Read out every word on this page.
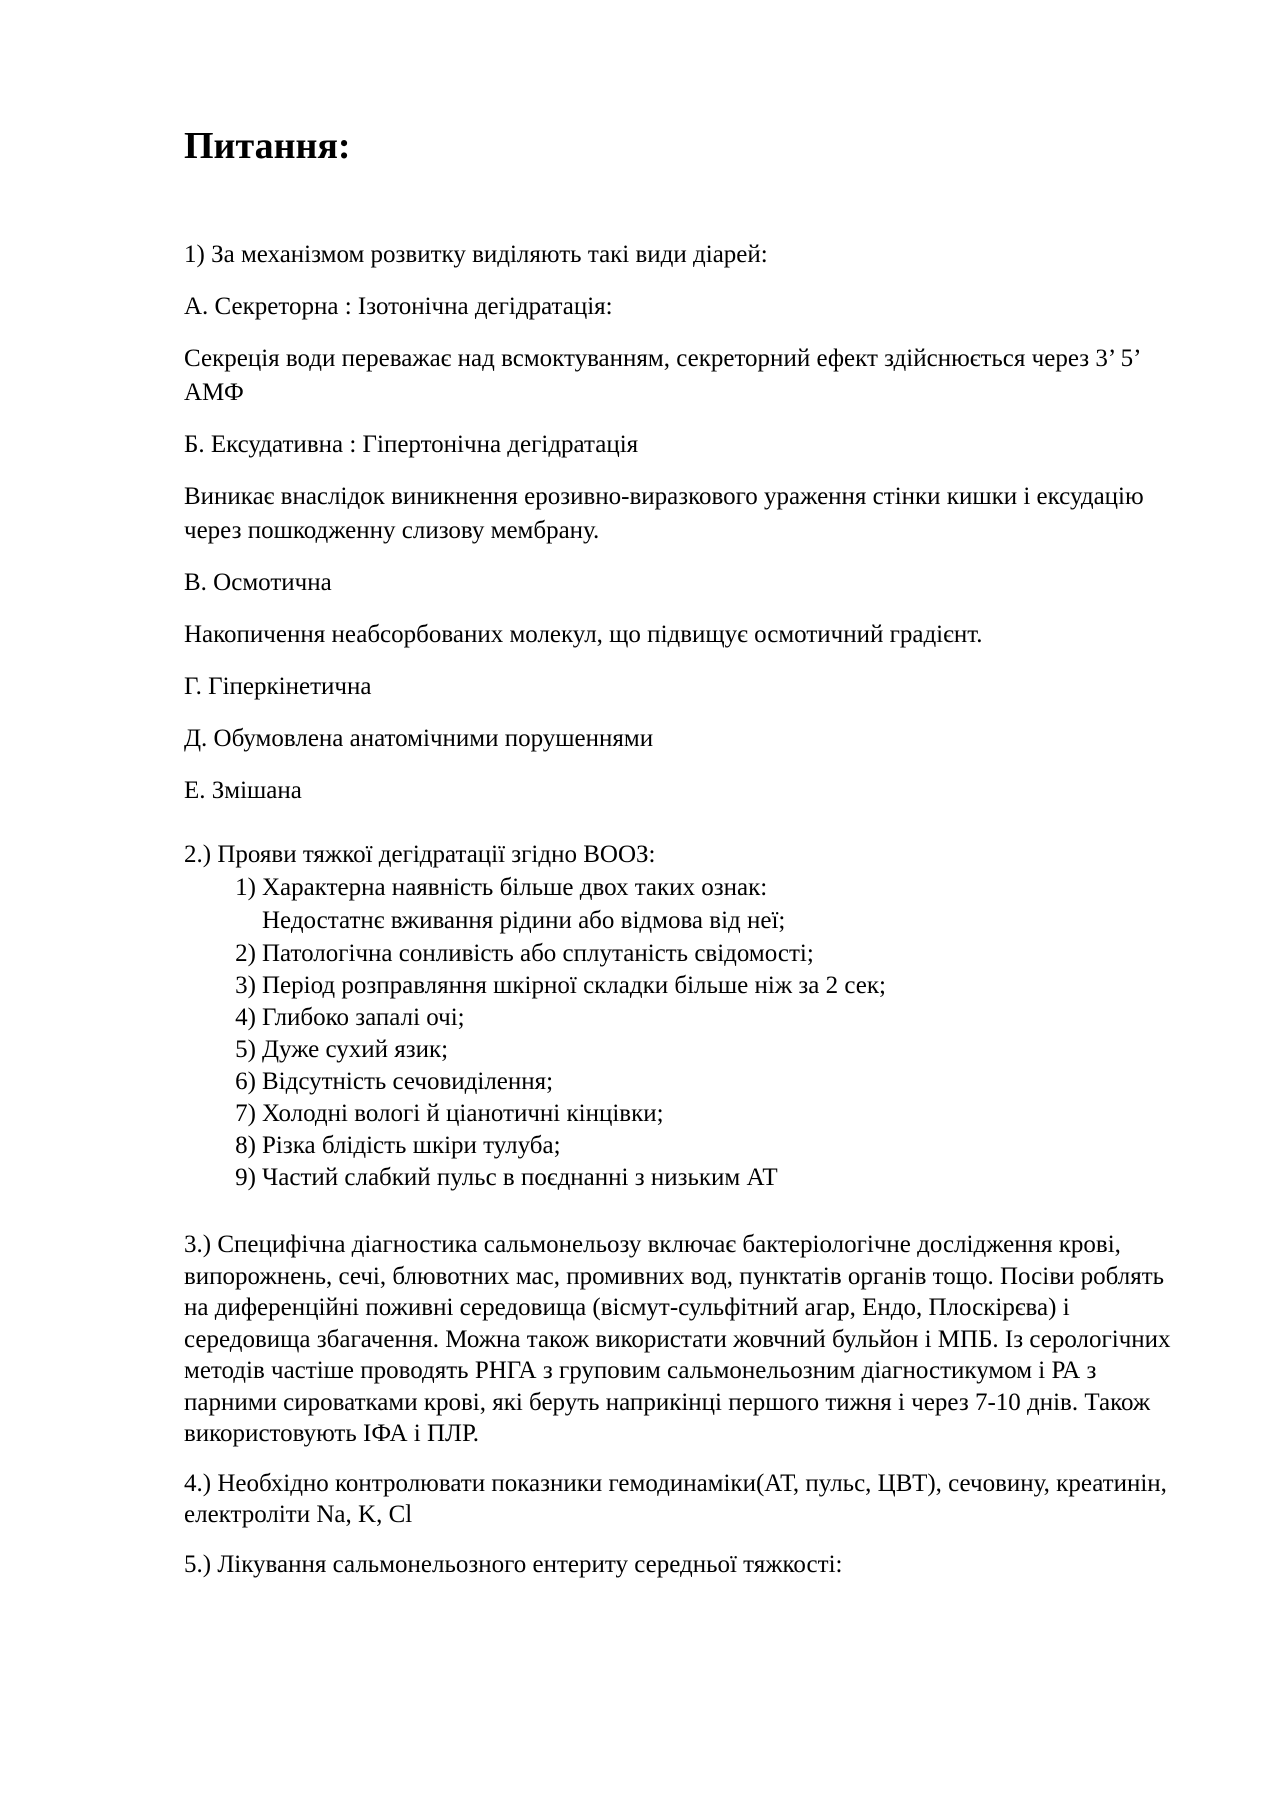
Питання:

1) За механізмом розвитку виділяють такі види діарей:

А. Секреторна : Ізотонічна дегідратація:

Секреція води переважає над всмоктуванням, секреторний ефект здійснюється через 3’ 5’ АМФ

Б. Ексудативна : Гіпертонічна дегідратація

Виникає внаслідок виникнення ерозивно-виразкового ураження стінки кишки і ексудацію через пошкодженну слизову мембрану.

В. Осмотична

Накопичення неабсорбованих молекул, що підвищує осмотичний градієнт.

Г. Гіперкінетична

Д. Обумовлена анатомічними порушеннями

Е. Змішана

2.) Прояви тяжкої дегідратації згідно ВООЗ:

1) Характерна наявність більше двох таких ознак:
Недостатнє вживання рідини або відмова від неї;
2) Патологічна сонливість або сплутаність свідомості;
3) Період розправляння шкірної складки більше ніж за 2 сек;
4) Глибоко запалі очі;
5) Дуже сухий язик;
6) Відсутність сечовиділення;
7) Холодні вологі й ціанотичні кінцівки;
8) Різка блідість шкіри тулуба;
9) Частий слабкий пульс в поєднанні з низьким АТ

3.) Специфічна діагностика сальмонельозу включає бактеріологічне дослідження крові, випорожнень, сечі, блювотних мас, промивних вод, пунктатів органів тощо. Посіви роблять на диференційні поживні середовища (вісмут-сульфітний агар, Ендо, Плоскірєва) і середовища збагачення. Можна також використати жовчний бульйон і МПБ. Із серологічних методів частіше проводять РНГА з груповим сальмонельозним діагностикумом і РА з парними сироватками крові, які беруть наприкінці першого тижня і через 7-10 днів. Також використовують ІФА і ПЛР.

4.) Необхідно контролювати показники гемодинаміки(АТ, пульс, ЦВТ), сечовину, креатинін, електроліти Na, K, Cl

5.) Лікування сальмонельозного ентериту середньої тяжкості:
